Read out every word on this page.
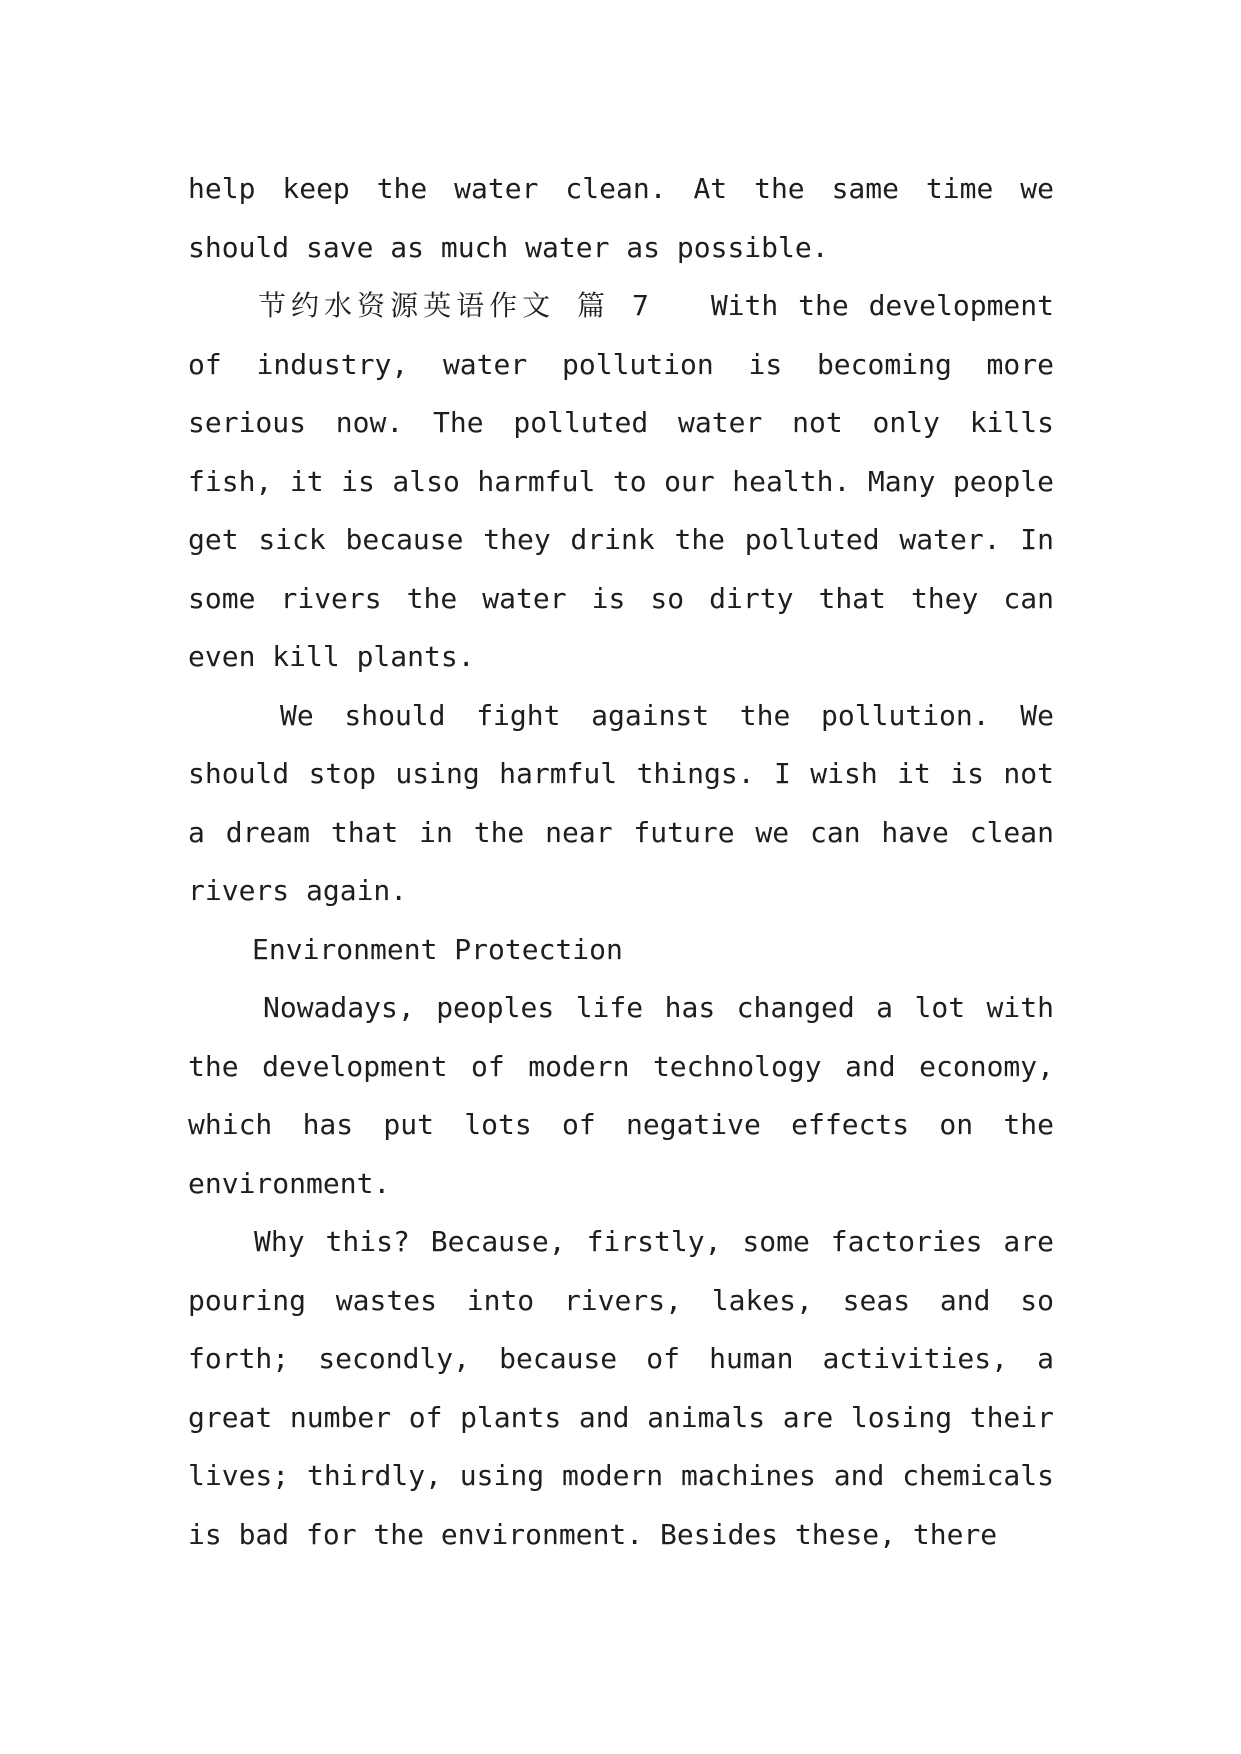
help keep the water clean. At the same time we should save as much water as possible.

节约水资源英语作文 篇 7 With the development of industry, water pollution is becoming more serious now. The polluted water not only kills fish, it is also harmful to our health. Many people get sick because they drink the polluted water. In some rivers the water is so dirty that they can even kill plants.

We should fight against the pollution. We should stop using harmful things. I wish it is not a dream that in the near future we can have clean rivers again.

Environment Protection

Nowadays, peoples life has changed a lot with the development of modern technology and economy, which has put lots of negative effects on the environment.

Why this? Because, firstly, some factories are pouring wastes into rivers, lakes, seas and so forth; secondly, because of human activities, a great number of plants and animals are losing their lives; thirdly, using modern machines and chemicals is bad for the environment. Besides these, there
